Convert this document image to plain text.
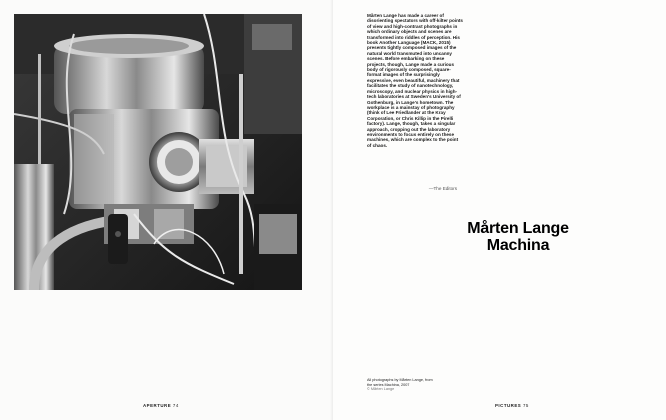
APERTURE 74

Mårten Lange has made a career of disorienting spectators with off-kilter points of view and high-contrast photographs in which ordinary objects and scenes are transformed into riddles of perception. His book Another Language (MACK, 2015) presents tightly composed images of the natural world transmuted into uncanny scenes. Before embarking on these projects, though, Lange made a curious body of rigorously composed, square-format images of the surprisingly expressive, even beautiful, machinery that facilitates the study of nanotechnology, microscopy, and nuclear physics in high-tech laboratories at Sweden's University of Gothenburg, in Lange's hometown. The workplace is a mainstay of photography (think of Lee Friedlander at the Kray Corporation, or Chris Killip in the Pirelli factory). Lange, though, takes a singular approach, cropping out the laboratory environments to focus entirely on these machines, which are complex to the point of chaos.

—The Editors
Mårten Lange
Machina
All photographs by Mårten Lange, from the series Machina, 2007
© Mårten Lange
PICTURES 75
